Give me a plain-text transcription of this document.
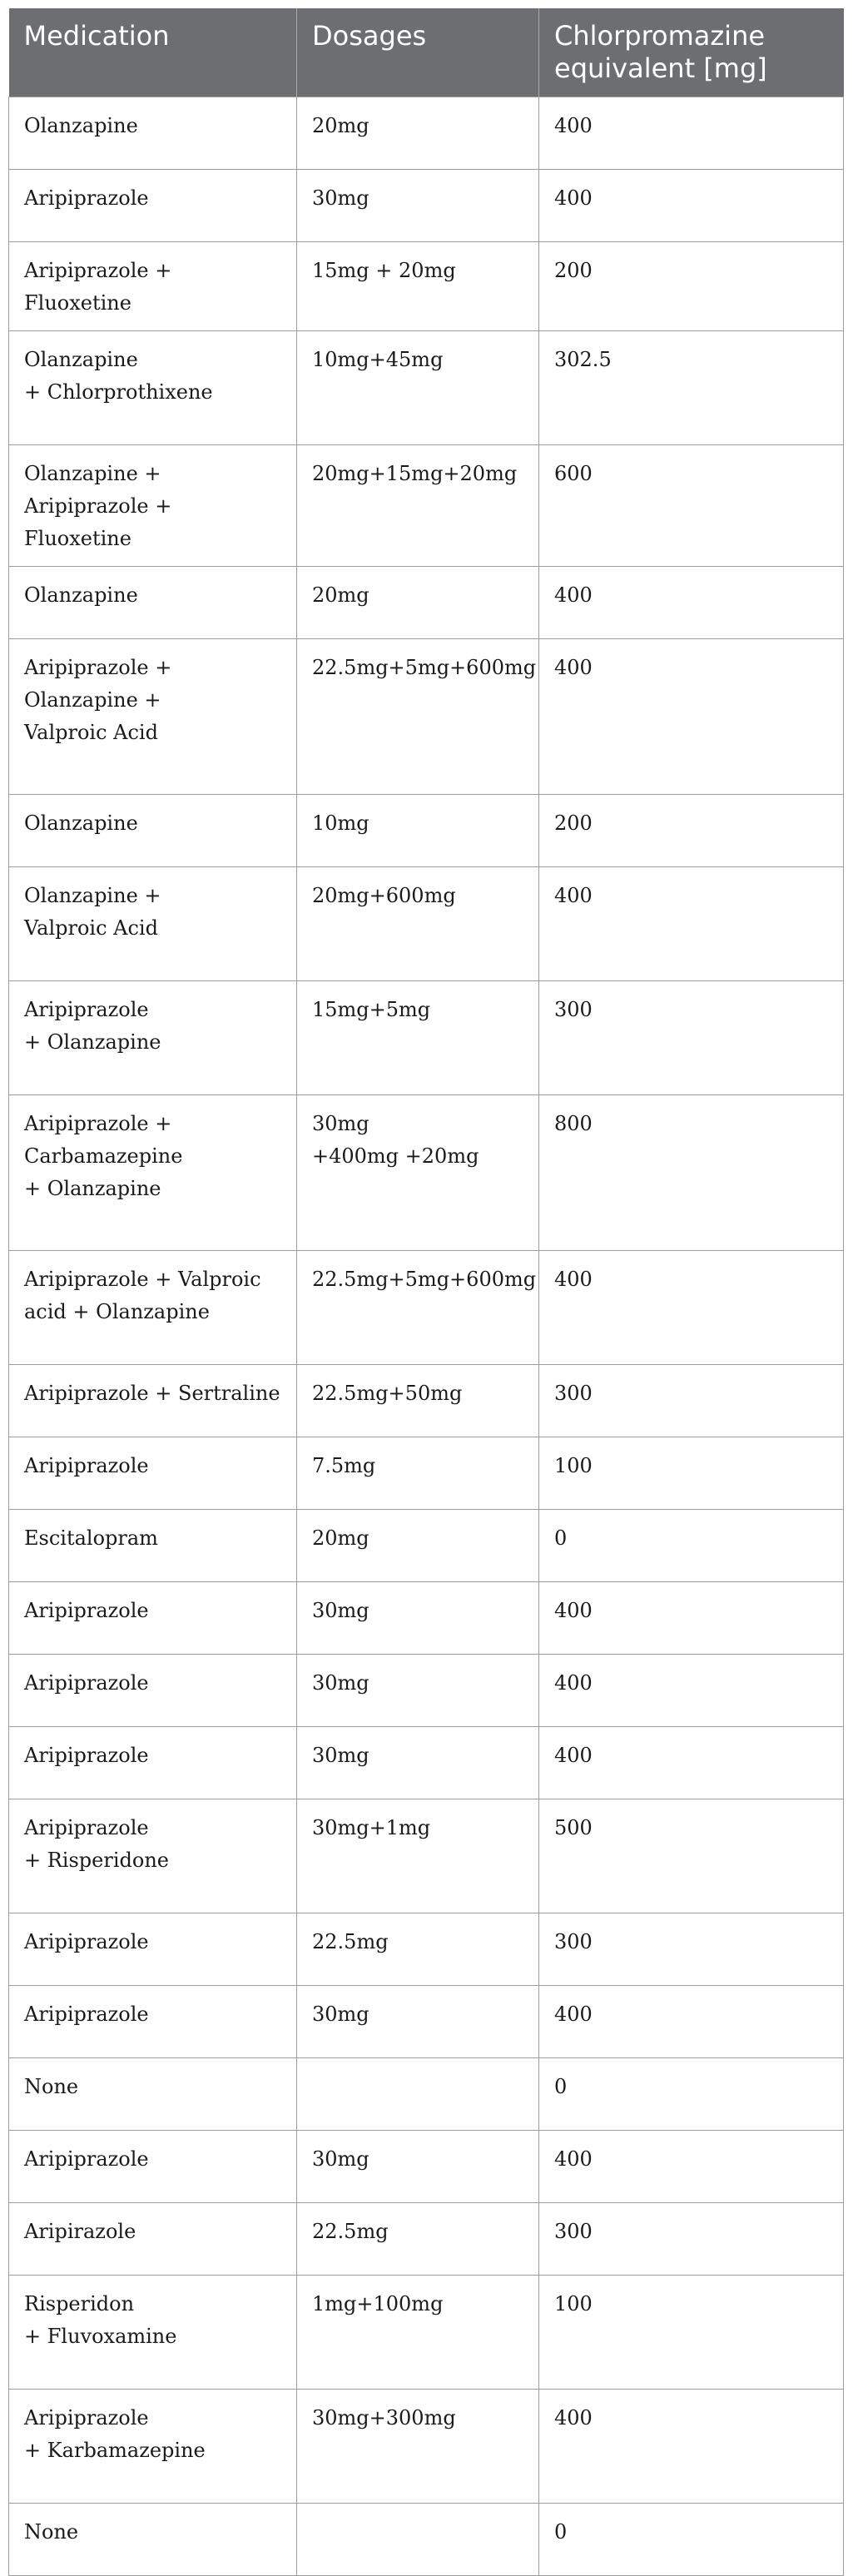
Medication	Dosages	Chlorpromazine
equivalent [mg]
Olanzapine	20mg	400
Aripiprazole	30mg	400
Aripiprazole + Fluoxetine	15mg + 20mg	200
Olanzapine
+ Chlorprothixene	10mg+45mg	302.5
Olanzapine +
Aripiprazole + Fluoxetine	20mg+15mg+20mg	600
Olanzapine	20mg	400
Aripiprazole +
Olanzapine +
Valproic Acid	22.5mg+5mg+600mg	400
Olanzapine	10mg	200
Olanzapine +
Valproic Acid	20mg+600mg	400
Aripiprazole
+ Olanzapine	15mg+5mg	300
Aripiprazole +
Carbamazepine
+ Olanzapine	30mg
+400mg +20mg	800
Aripiprazole + Valproic
acid + Olanzapine	22.5mg+5mg+600mg	400
Aripiprazole + Sertraline	22.5mg+50mg	300
Aripiprazole	7.5mg	100
Escitalopram	20mg	0
Aripiprazole	30mg	400
Aripiprazole	30mg	400
Aripiprazole	30mg	400
Aripiprazole
+ Risperidone	30mg+1mg	500
Aripiprazole	22.5mg	300
Aripiprazole	30mg	400
None		0
Aripiprazole	30mg	400
Aripirazole	22.5mg	300
Risperidon
+ Fluvoxamine	1mg+100mg	100
Aripiprazole
+ Karbamazepine	30mg+300mg	400
None		0
